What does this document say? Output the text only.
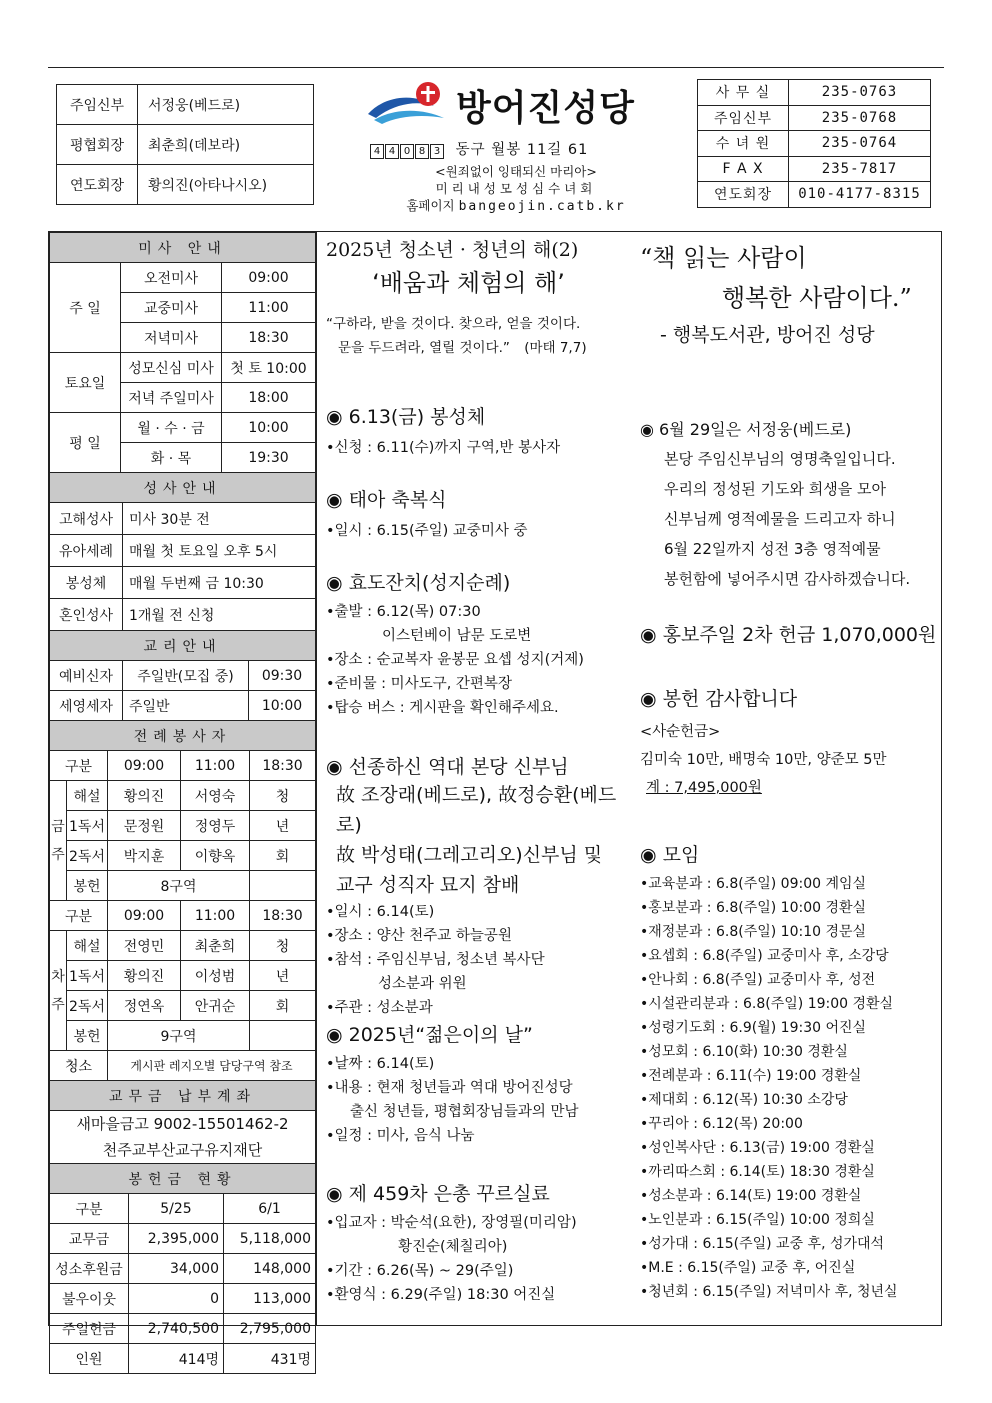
주임신부	서정웅(베드로)
평협회장	최춘희(데보라)
연도회장	황의진(아타나시오)
방어진성당
4 4 0 8 3 동구 월봉 11길 61
<원죄없이 잉태되신 마리아>
미리내성모성심수녀회
홈페이지 bangeojin.catb.kr
사 무 실	235-0763
주임신부	235-0768
수 녀 원	235-0764
F A X	235-7817
연도회장	010-4177-8315
미사 안내		
주 일	오전미사	09:00
	교중미사	11:00
	저녁미사	18:30
토요일	성모신심 미사	첫 토 10:00
	저녁 주일미사	18:00
평 일	월 · 수 · 금	10:00
	화 · 목	19:30
성사안내	
고해성사	미사 30분 전
유아세례	매월 첫 토요일 오후 5시
봉성체	매월 두번째 금 10:30
혼인성사	1개월 전 신청
교리안내		
예비신자	주일반(모집 중)	09:30
세영세자	주일반	10:00
전례봉사자				
구분		09:00	11:00	18:30
금주	해설	황의진	서영숙	청
	1독서	문정원	정영두	년
	2독서	박지훈	이향옥	회
	봉헌	8구역		
구분		09:00	11:00	18:30
차주	해설	전영민	최춘희	청
	1독서	황의진	이성범	년
	2독서	정연옥	안귀순	회
	봉헌	9구역		
청소		게시판 레지오별 담당구역 참조		
교무금 납부계좌

새마을금고 9002-15501462-2
천주교부산교구유지재단
봉헌금 현황		
구분	5/25	6/1
교무금	2,395,000	5,118,000
성소후원금	34,000	148,000
불우이웃	0	113,000
주일헌금	2,740,500	2,795,000
인원	414명	431명
2025년 청소년 · 청년의 해(2)
‘배움과 체험의 해’
“구하라, 받을 것이다. 찾으라, 얻을 것이다.
문을 두드려라, 열릴 것이다.” (마태 7,7)
◉ 6.13(금) 봉성체
•신청 : 6.11(수)까지 구역,반 봉사자
◉ 태아 축복식
•일시 : 6.15(주일) 교중미사 중
◉ 효도잔치(성지순례)
•출발 : 6.12(목) 07:30
이스턴베이 남문 도로변
•장소 : 순교복자 윤봉문 요셉 성지(거제)
•준비물 : 미사도구, 간편복장
•탑승 버스 : 게시판을 확인해주세요.
◉ 선종하신 역대 본당 신부님
故 조장래(베드로), 故정승환(베드로)
故 박성태(그레고리오)신부님 및
교구 성직자 묘지 참배
•일시 : 6.14(토)
•장소 : 양산 천주교 하늘공원
•참석 : 주임신부님, 청소년 복사단
성소분과 위원
•주관 : 성소분과
◉ 2025년“젊은이의 날”
•날짜 : 6.14(토)
•내용 : 현재 청년들과 역대 방어진성당
출신 청년들, 평협회장님들과의 만남
•일정 : 미사, 음식 나눔
◉ 제 459차 은총 꾸르실료
•입교자 : 박순석(요한), 장영필(미리암)
황진순(체칠리아)
•기간 : 6.26(목) ~ 29(주일)
•환영식 : 6.29(주일) 18:30 어진실
“책 읽는 사람이
행복한 사람이다.”
- 행복도서관, 방어진 성당
◉ 6월 29일은 서정웅(베드로)
본당 주임신부님의 영명축일입니다.
우리의 정성된 기도와 희생을 모아
신부님께 영적예물을 드리고자 하니
6월 22일까지 성전 3층 영적예물
봉헌함에 넣어주시면 감사하겠습니다.
◉ 홍보주일 2차 헌금 1,070,000원
◉ 봉헌 감사합니다
<사순헌금>
김미숙 10만, 배명숙 10만, 양준모 5만
계 : 7,495,000원
◉ 모임
•교육분과 : 6.8(주일) 09:00 계임실
•홍보분과 : 6.8(주일) 10:00 경환실
•재정분과 : 6.8(주일) 10:10 경문실
•요셉회 : 6.8(주일) 교중미사 후, 소강당
•안나회 : 6.8(주일) 교중미사 후, 성전
•시설관리분과 : 6.8(주일) 19:00 경환실
•성령기도회 : 6.9(월) 19:30 어진실
•성모회 : 6.10(화) 10:30 경환실
•전례분과 : 6.11(수) 19:00 경환실
•제대회 : 6.12(목) 10:30 소강당
•꾸리아 : 6.12(목) 20:00
•성인복사단 : 6.13(금) 19:00 경환실
•까리따스회 : 6.14(토) 18:30 경환실
•성소분과 : 6.14(토) 19:00 경환실
•노인분과 : 6.15(주일) 10:00 정희실
•성가대 : 6.15(주일) 교중 후, 성가대석
•M.E : 6.15(주일) 교중 후, 어진실
•청년회 : 6.15(주일) 저녁미사 후, 청년실
